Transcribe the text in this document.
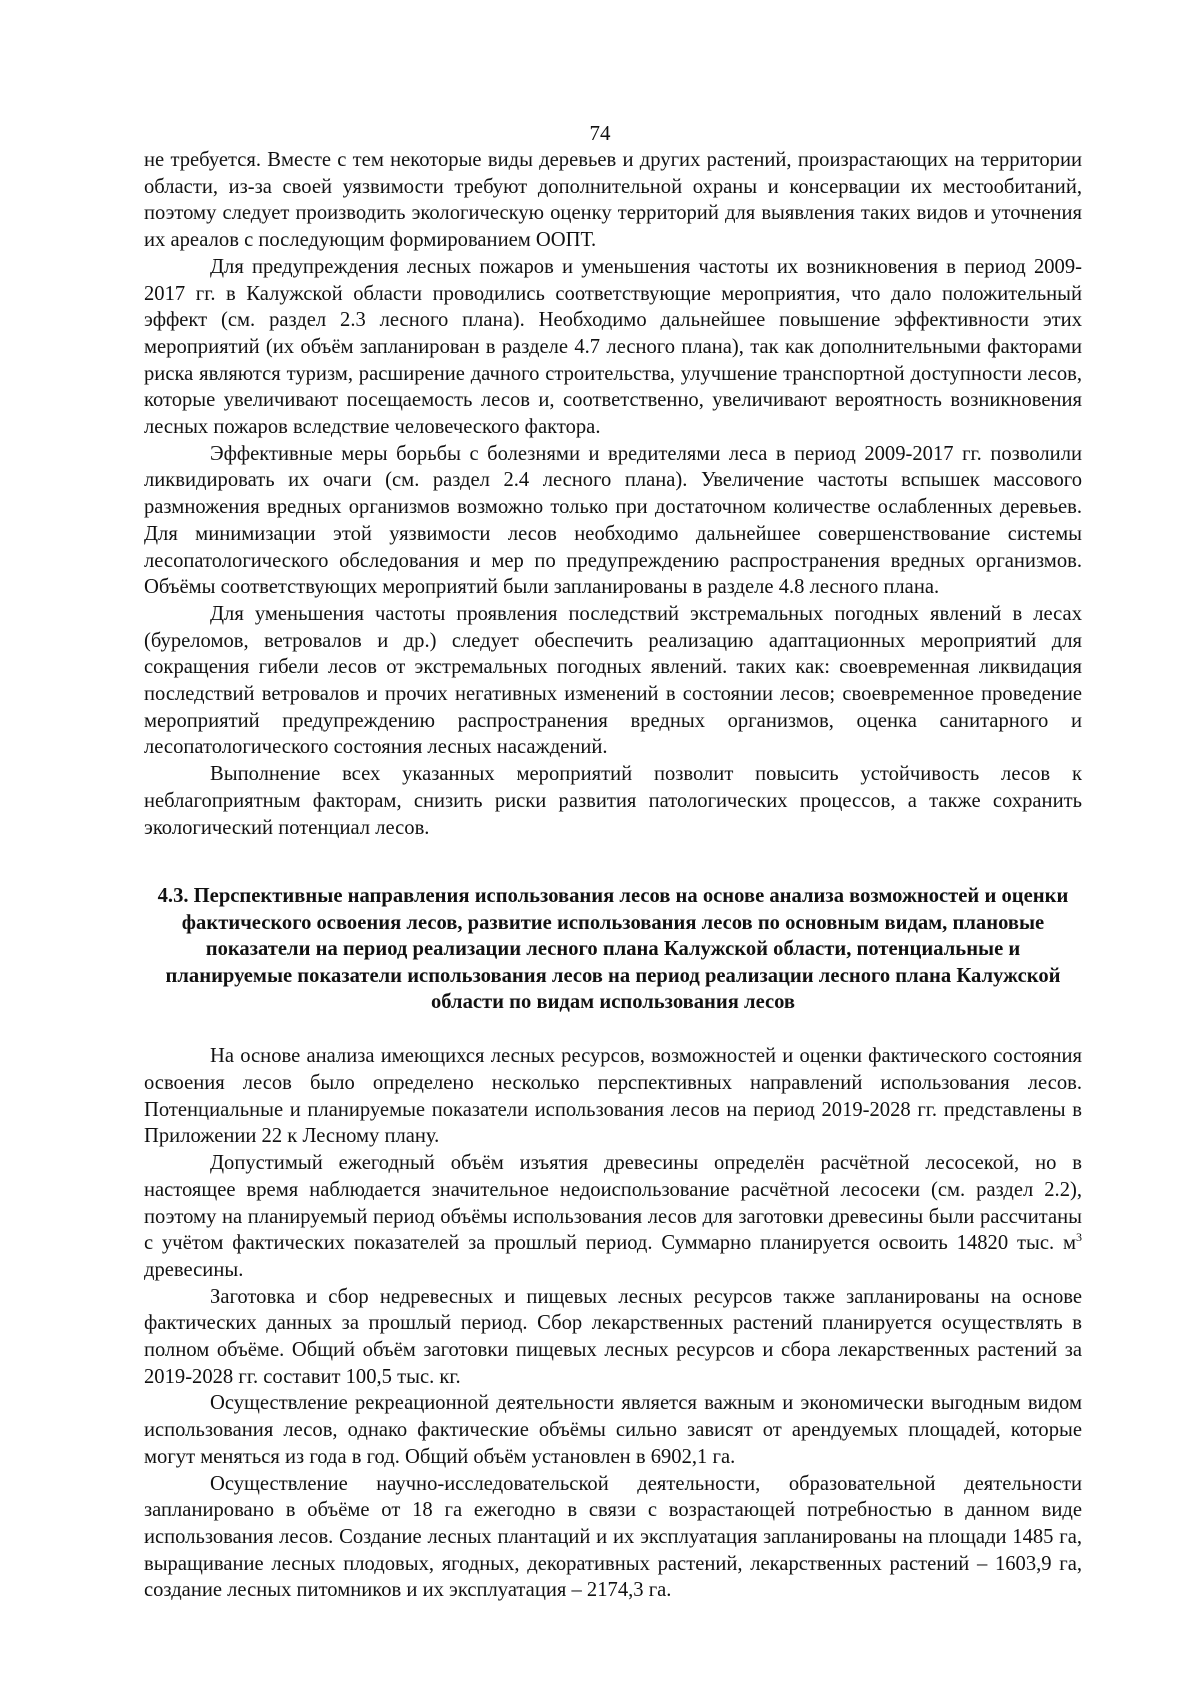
74

не требуется. Вместе с тем некоторые виды деревьев и других растений, произрастающих на территории области, из-за своей уязвимости требуют дополнительной охраны и консервации их местообитаний, поэтому следует производить экологическую оценку территорий для выявления таких видов и уточнения их ареалов с последующим формированием ООПТ.

Для предупреждения лесных пожаров и уменьшения частоты их возникновения в период 2009-2017 гг. в Калужской области проводились соответствующие мероприятия, что дало положительный эффект (см. раздел 2.3 лесного плана). Необходимо дальнейшее повышение эффективности этих мероприятий (их объём запланирован в разделе 4.7 лесного плана), так как дополнительными факторами риска являются туризм, расширение дачного строительства, улучшение транспортной доступности лесов, которые увеличивают посещаемость лесов и, соответственно, увеличивают вероятность возникновения лесных пожаров вследствие человеческого фактора.

Эффективные меры борьбы с болезнями и вредителями леса в период 2009-2017 гг. позволили ликвидировать их очаги (см. раздел 2.4 лесного плана). Увеличение частоты вспышек массового размножения вредных организмов возможно только при достаточном количестве ослабленных деревьев. Для минимизации этой уязвимости лесов необходимо дальнейшее совершенствование системы лесопатологического обследования и мер по предупреждению распространения вредных организмов. Объёмы соответствующих мероприятий были запланированы в разделе 4.8 лесного плана.

Для уменьшения частоты проявления последствий экстремальных погодных явлений в лесах (буреломов, ветровалов и др.) следует обеспечить реализацию адаптационных мероприятий для сокращения гибели лесов от экстремальных погодных явлений. таких как: своевременная ликвидация последствий ветровалов и прочих негативных изменений в состоянии лесов; своевременное проведение мероприятий предупреждению распространения вредных организмов, оценка санитарного и лесопатологического состояния лесных насаждений.

Выполнение всех указанных мероприятий позволит повысить устойчивость лесов к неблагоприятным факторам, снизить риски развития патологических процессов, а также сохранить экологический потенциал лесов.

4.3. Перспективные направления использования лесов на основе анализа возможностей и оценки фактического освоения лесов, развитие использования лесов по основным видам, плановые показатели на период реализации лесного плана Калужской области, потенциальные и планируемые показатели использования лесов на период реализации лесного плана Калужской области по видам использования лесов

На основе анализа имеющихся лесных ресурсов, возможностей и оценки фактического состояния освоения лесов было определено несколько перспективных направлений использования лесов. Потенциальные и планируемые показатели использования лесов на период 2019-2028 гг. представлены в Приложении 22 к Лесному плану.

Допустимый ежегодный объём изъятия древесины определён расчётной лесосекой, но в настоящее время наблюдается значительное недоиспользование расчётной лесосеки (см. раздел 2.2), поэтому на планируемый период объёмы использования лесов для заготовки древесины были рассчитаны с учётом фактических показателей за прошлый период. Суммарно планируется освоить 14820 тыс. $м^3$ древесины.

Заготовка и сбор недревесных и пищевых лесных ресурсов также запланированы на основе фактических данных за прошлый период. Сбор лекарственных растений планируется осуществлять в полном объёме. Общий объём заготовки пищевых лесных ресурсов и сбора лекарственных растений за 2019-2028 гг. составит 100,5 тыс. кг.

Осуществление рекреационной деятельности является важным и экономически выгодным видом использования лесов, однако фактические объёмы сильно зависят от арендуемых площадей, которые могут меняться из года в год. Общий объём установлен в 6902,1 га.

Осуществление научно-исследовательской деятельности, образовательной деятельности запланировано в объёме от 18 га ежегодно в связи с возрастающей потребностью в данном виде использования лесов. Создание лесных плантаций и их эксплуатация запланированы на площади 1485 га, выращивание лесных плодовых, ягодных, декоративных растений, лекарственных растений – 1603,9 га, создание лесных питомников и их эксплуатация – 2174,3 га.
